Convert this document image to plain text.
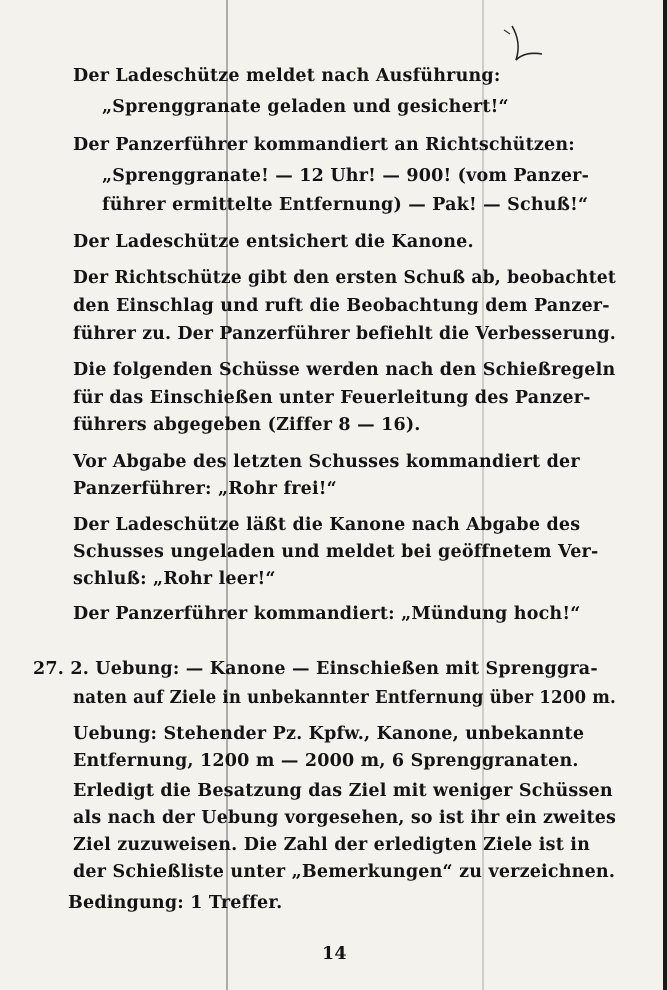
Der Ladeschütze meldet nach Ausführung:
„Sprenggranate geladen und gesichert!“
Der Panzerführer kommandiert an Richtschützen:
„Sprenggranate! — 12 Uhr! — 900! (vom Panzer-
führer ermittelte Entfernung) — Pak! — Schuß!“
Der Ladeschütze entsichert die Kanone.
Der Richtschütze gibt den ersten Schuß ab, beobachtet
den Einschlag und ruft die Beobachtung dem Panzer-
führer zu. Der Panzerführer befiehlt die Verbesserung.
Die folgenden Schüsse werden nach den Schießregeln
für das Einschießen unter Feuerleitung des Panzer-
führers abgegeben (Ziffer 8 — 16).
Vor Abgabe des letzten Schusses kommandiert der
Panzerführer: „Rohr frei!“
Der Ladeschütze läßt die Kanone nach Abgabe des
Schusses ungeladen und meldet bei geöffnetem Ver-
schluß: „Rohr leer!“
Der Panzerführer kommandiert: „Mündung hoch!“
27. 2. Uebung: — Kanone — Einschießen mit Sprenggra-
naten auf Ziele in unbekannter Entfernung über 1200 m.
Uebung: Stehender Pz. Kpfw., Kanone, unbekannte
Entfernung, 1200 m — 2000 m, 6 Sprenggranaten.
Erledigt die Besatzung das Ziel mit weniger Schüssen
als nach der Uebung vorgesehen, so ist ihr ein zweites
Ziel zuzuweisen. Die Zahl der erledigten Ziele ist in
der Schießliste unter „Bemerkungen“ zu verzeichnen.
Bedingung: 1 Treffer.
14
